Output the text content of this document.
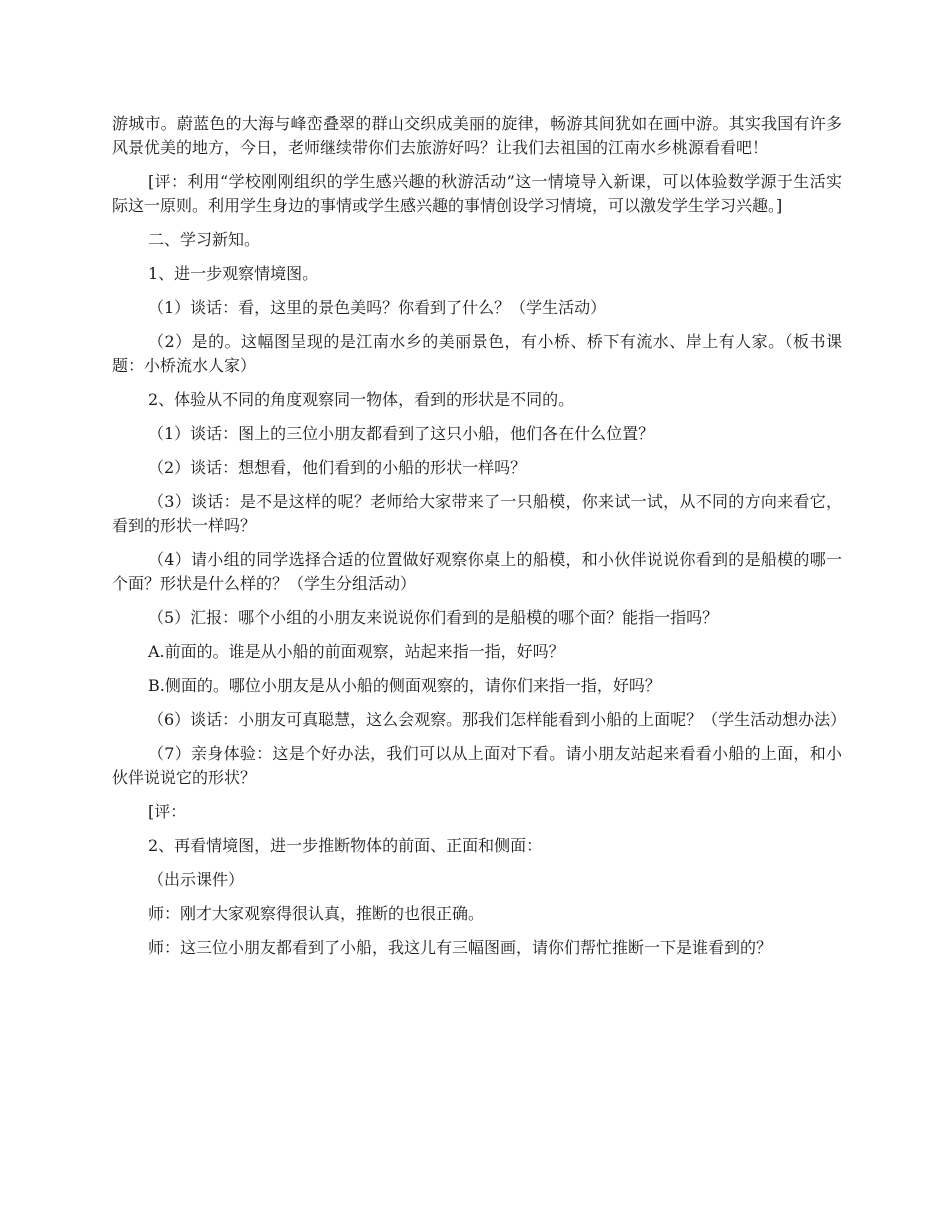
游城市。蔚蓝色的大海与峰峦叠翠的群山交织成美丽的旋律，畅游其间犹如在画中游。其实我国有许多风景优美的地方，今日，老师继续带你们去旅游好吗？让我们去祖国的江南水乡桃源看看吧！

[评：利用“学校刚刚组织的学生感兴趣的秋游活动”这一情境导入新课，可以体验数学源于生活实际这一原则。利用学生身边的事情或学生感兴趣的事情创设学习情境，可以激发学生学习兴趣。]

二、学习新知。

1、进一步观察情境图。

（1）谈话：看，这里的景色美吗？你看到了什么？（学生活动）

（2）是的。这幅图呈现的是江南水乡的美丽景色，有小桥、桥下有流水、岸上有人家。（板书课题：小桥流水人家）

2、体验从不同的角度观察同一物体，看到的形状是不同的。

（1）谈话：图上的三位小朋友都看到了这只小船，他们各在什么位置？

（2）谈话：想想看，他们看到的小船的形状一样吗？

（3）谈话：是不是这样的呢？老师给大家带来了一只船模，你来试一试，从不同的方向来看它，看到的形状一样吗？

（4）请小组的同学选择合适的位置做好观察你桌上的船模，和小伙伴说说你看到的是船模的哪一个面？形状是什么样的？（学生分组活动）

（5）汇报：哪个小组的小朋友来说说你们看到的是船模的哪个面？能指一指吗？

A.前面的。谁是从小船的前面观察，站起来指一指，好吗？

B.侧面的。哪位小朋友是从小船的侧面观察的，请你们来指一指，好吗？

（6）谈话：小朋友可真聪慧，这么会观察。那我们怎样能看到小船的上面呢？（学生活动想办法）

（7）亲身体验：这是个好办法，我们可以从上面对下看。请小朋友站起来看看小船的上面，和小伙伴说说它的形状？

[评：

2、再看情境图，进一步推断物体的前面、正面和侧面：

（出示课件）

师：刚才大家观察得很认真，推断的也很正确。

师：这三位小朋友都看到了小船，我这儿有三幅图画，请你们帮忙推断一下是谁看到的？
